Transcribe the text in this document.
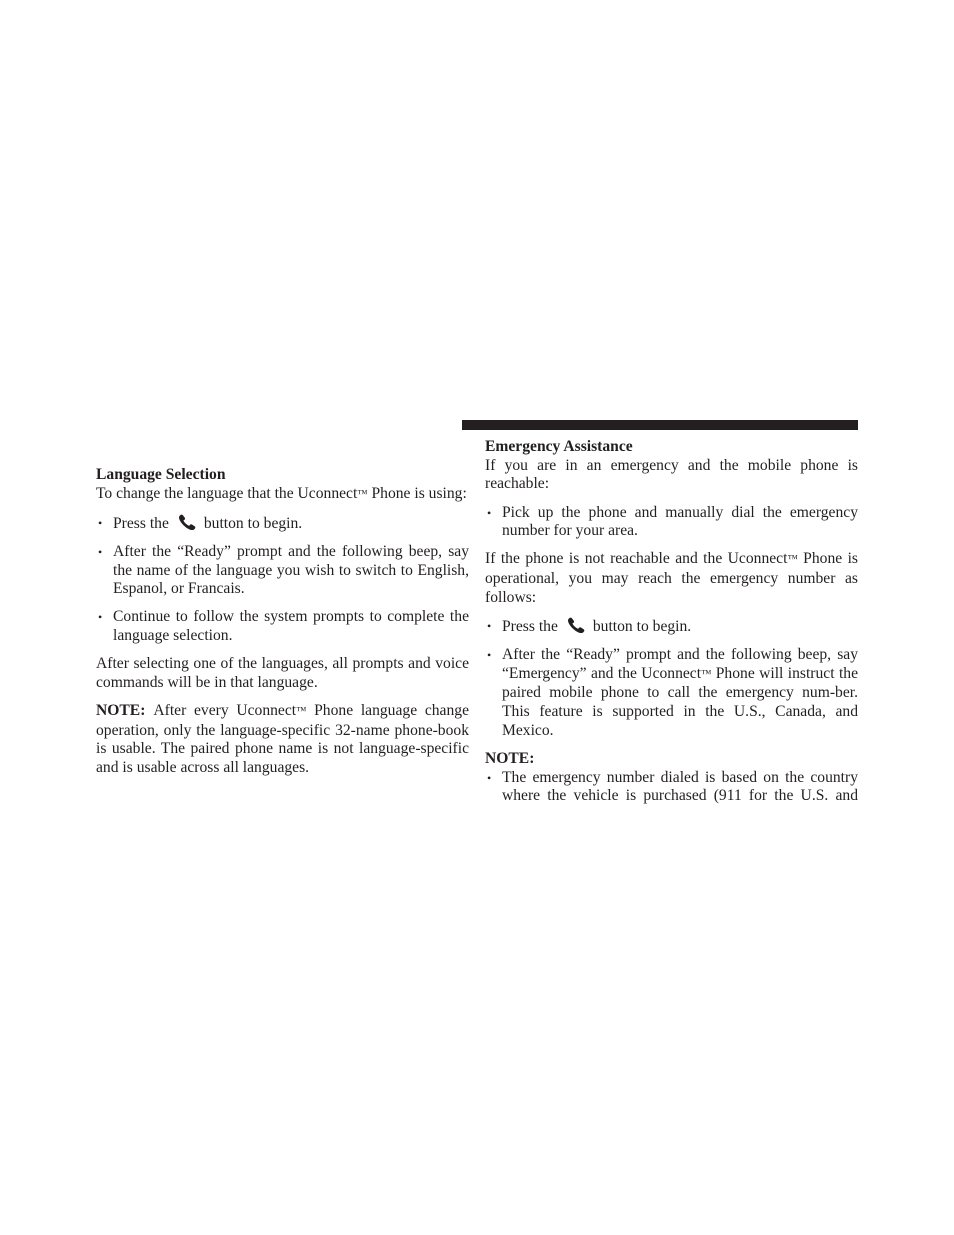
Language Selection

To change the language that the Uconnect™ Phone is using:

• Press the button to begin.
• After the “Ready” prompt and the following beep, say the name of the language you wish to switch to English, Espanol, or Francais.
• Continue to follow the system prompts to complete the language selection.

After selecting one of the languages, all prompts and voice commands will be in that language.

NOTE: After every Uconnect™ Phone language change operation, only the language-specific 32-name phone-book is usable. The paired phone name is not language-specific and is usable across all languages.

Emergency Assistance

If you are in an emergency and the mobile phone is reachable:

• Pick up the phone and manually dial the emergency number for your area.

If the phone is not reachable and the Uconnect™ Phone is operational, you may reach the emergency number as follows:

• Press the button to begin.
• After the “Ready” prompt and the following beep, say “Emergency” and the Uconnect™ Phone will instruct the paired mobile phone to call the emergency num-ber. This feature is supported in the U.S., Canada, and Mexico.
NOTE:
• The emergency number dialed is based on the country where the vehicle is purchased (911 for the U.S. and
